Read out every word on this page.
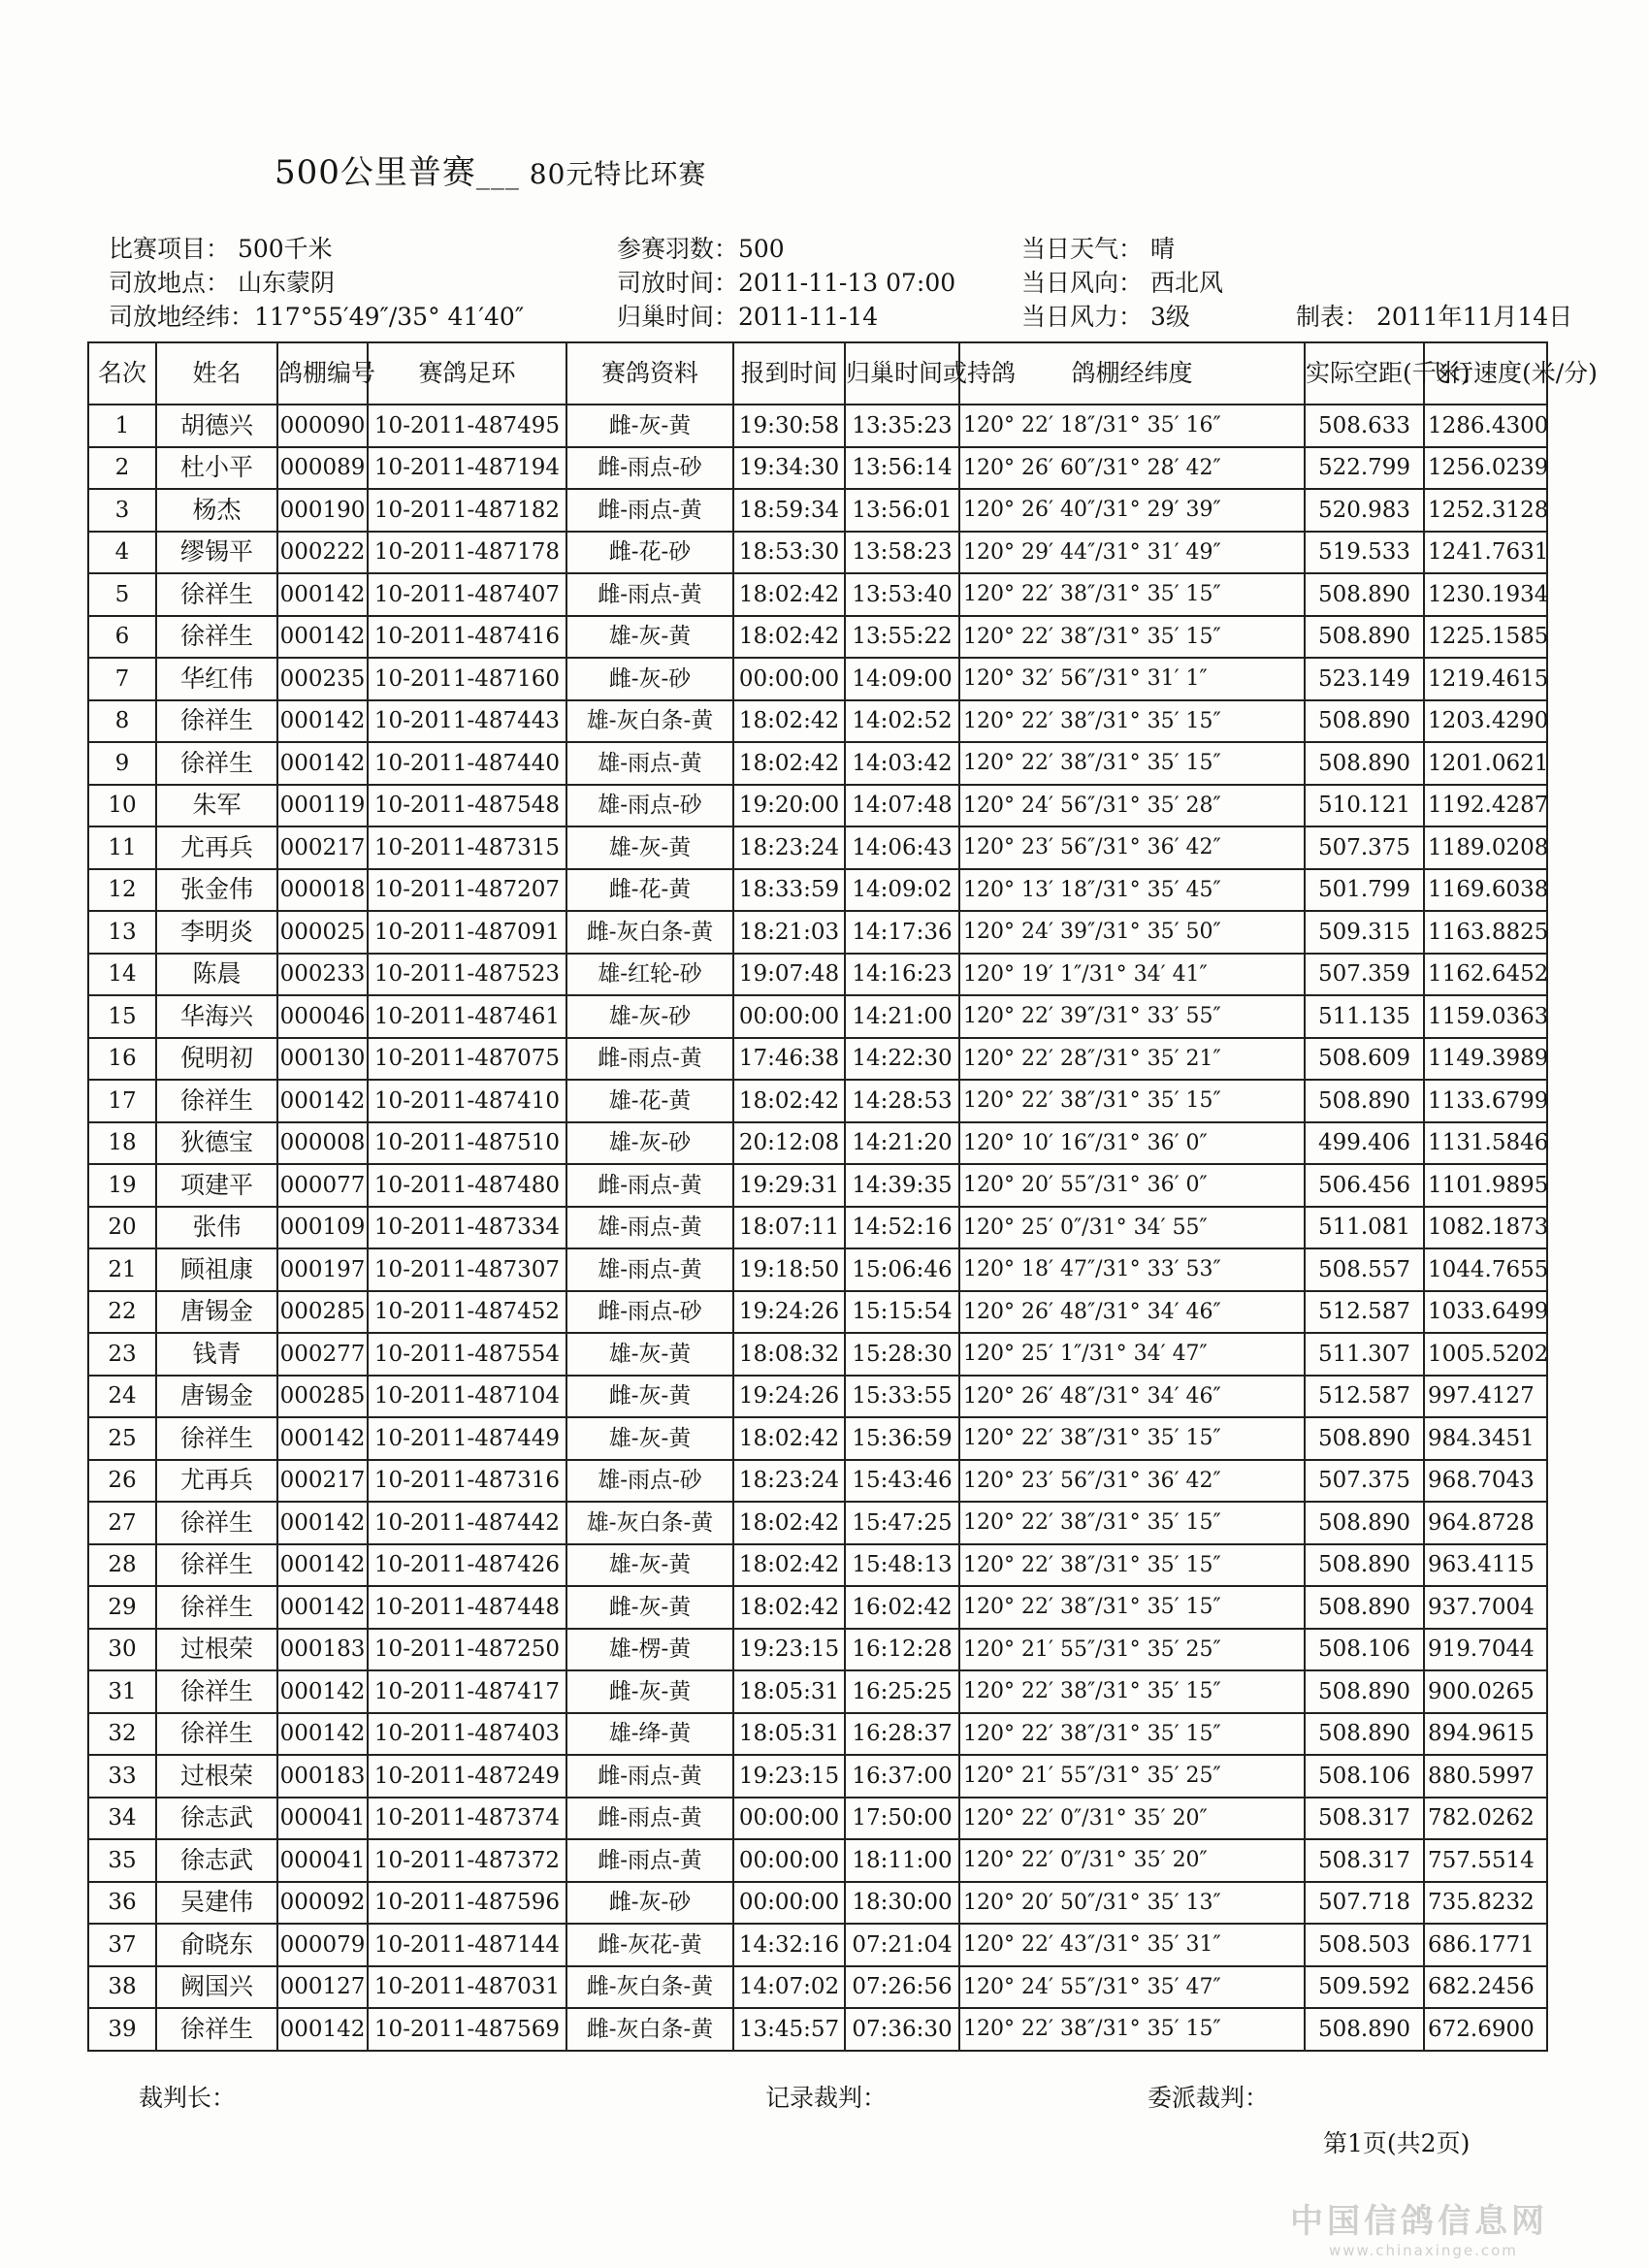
500公里普赛___ 80元特比环赛
比赛项目： 500千米
司放地点： 山东蒙阴
司放地经纬：117°55′49″/35° 41′40″
参赛羽数：500
司放时间：2011-11-13 07:00
归巢时间：2011-11-14
当日天气： 晴
当日风向： 西北风
当日风力： 3级	制表： 2011年11月14日
名次	姓名	鸽棚编号	赛鸽足环	赛鸽资料	报到时间	归巢时间或持鸽	鸽棚经纬度	实际空距(千米)	飞行速度(米/分)
1	胡德兴	000090	10-2011-487495	雌-灰-黄	19:30:58	13:35:23	120° 22′ 18″/31° 35′ 16″	508.633	1286.4300
2	杜小平	000089	10-2011-487194	雌-雨点-砂	19:34:30	13:56:14	120° 26′ 60″/31° 28′ 42″	522.799	1256.0239
3	杨杰	000190	10-2011-487182	雌-雨点-黄	18:59:34	13:56:01	120° 26′ 40″/31° 29′ 39″	520.983	1252.3128
4	缪锡平	000222	10-2011-487178	雌-花-砂	18:53:30	13:58:23	120° 29′ 44″/31° 31′ 49″	519.533	1241.7631
5	徐祥生	000142	10-2011-487407	雌-雨点-黄	18:02:42	13:53:40	120° 22′ 38″/31° 35′ 15″	508.890	1230.1934
6	徐祥生	000142	10-2011-487416	雄-灰-黄	18:02:42	13:55:22	120° 22′ 38″/31° 35′ 15″	508.890	1225.1585
7	华红伟	000235	10-2011-487160	雌-灰-砂	00:00:00	14:09:00	120° 32′ 56″/31° 31′ 1″	523.149	1219.4615
8	徐祥生	000142	10-2011-487443	雄-灰白条-黄	18:02:42	14:02:52	120° 22′ 38″/31° 35′ 15″	508.890	1203.4290
9	徐祥生	000142	10-2011-487440	雄-雨点-黄	18:02:42	14:03:42	120° 22′ 38″/31° 35′ 15″	508.890	1201.0621
10	朱军	000119	10-2011-487548	雄-雨点-砂	19:20:00	14:07:48	120° 24′ 56″/31° 35′ 28″	510.121	1192.4287
11	尤再兵	000217	10-2011-487315	雄-灰-黄	18:23:24	14:06:43	120° 23′ 56″/31° 36′ 42″	507.375	1189.0208
12	张金伟	000018	10-2011-487207	雌-花-黄	18:33:59	14:09:02	120° 13′ 18″/31° 35′ 45″	501.799	1169.6038
13	李明炎	000025	10-2011-487091	雌-灰白条-黄	18:21:03	14:17:36	120° 24′ 39″/31° 35′ 50″	509.315	1163.8825
14	陈晨	000233	10-2011-487523	雄-红轮-砂	19:07:48	14:16:23	120° 19′ 1″/31° 34′ 41″	507.359	1162.6452
15	华海兴	000046	10-2011-487461	雄-灰-砂	00:00:00	14:21:00	120° 22′ 39″/31° 33′ 55″	511.135	1159.0363
16	倪明初	000130	10-2011-487075	雌-雨点-黄	17:46:38	14:22:30	120° 22′ 28″/31° 35′ 21″	508.609	1149.3989
17	徐祥生	000142	10-2011-487410	雄-花-黄	18:02:42	14:28:53	120° 22′ 38″/31° 35′ 15″	508.890	1133.6799
18	狄德宝	000008	10-2011-487510	雄-灰-砂	20:12:08	14:21:20	120° 10′ 16″/31° 36′ 0″	499.406	1131.5846
19	项建平	000077	10-2011-487480	雌-雨点-黄	19:29:31	14:39:35	120° 20′ 55″/31° 36′ 0″	506.456	1101.9895
20	张伟	000109	10-2011-487334	雄-雨点-黄	18:07:11	14:52:16	120° 25′ 0″/31° 34′ 55″	511.081	1082.1873
21	顾祖康	000197	10-2011-487307	雄-雨点-黄	19:18:50	15:06:46	120° 18′ 47″/31° 33′ 53″	508.557	1044.7655
22	唐锡金	000285	10-2011-487452	雌-雨点-砂	19:24:26	15:15:54	120° 26′ 48″/31° 34′ 46″	512.587	1033.6499
23	钱青	000277	10-2011-487554	雄-灰-黄	18:08:32	15:28:30	120° 25′ 1″/31° 34′ 47″	511.307	1005.5202
24	唐锡金	000285	10-2011-487104	雌-灰-黄	19:24:26	15:33:55	120° 26′ 48″/31° 34′ 46″	512.587	997.4127
25	徐祥生	000142	10-2011-487449	雄-灰-黄	18:02:42	15:36:59	120° 22′ 38″/31° 35′ 15″	508.890	984.3451
26	尤再兵	000217	10-2011-487316	雄-雨点-砂	18:23:24	15:43:46	120° 23′ 56″/31° 36′ 42″	507.375	968.7043
27	徐祥生	000142	10-2011-487442	雄-灰白条-黄	18:02:42	15:47:25	120° 22′ 38″/31° 35′ 15″	508.890	964.8728
28	徐祥生	000142	10-2011-487426	雄-灰-黄	18:02:42	15:48:13	120° 22′ 38″/31° 35′ 15″	508.890	963.4115
29	徐祥生	000142	10-2011-487448	雌-灰-黄	18:02:42	16:02:42	120° 22′ 38″/31° 35′ 15″	508.890	937.7004
30	过根荣	000183	10-2011-487250	雄-楞-黄	19:23:15	16:12:28	120° 21′ 55″/31° 35′ 25″	508.106	919.7044
31	徐祥生	000142	10-2011-487417	雌-灰-黄	18:05:31	16:25:25	120° 22′ 38″/31° 35′ 15″	508.890	900.0265
32	徐祥生	000142	10-2011-487403	雄-绛-黄	18:05:31	16:28:37	120° 22′ 38″/31° 35′ 15″	508.890	894.9615
33	过根荣	000183	10-2011-487249	雌-雨点-黄	19:23:15	16:37:00	120° 21′ 55″/31° 35′ 25″	508.106	880.5997
34	徐志武	000041	10-2011-487374	雌-雨点-黄	00:00:00	17:50:00	120° 22′ 0″/31° 35′ 20″	508.317	782.0262
35	徐志武	000041	10-2011-487372	雌-雨点-黄	00:00:00	18:11:00	120° 22′ 0″/31° 35′ 20″	508.317	757.5514
36	吴建伟	000092	10-2011-487596	雌-灰-砂	00:00:00	18:30:00	120° 20′ 50″/31° 35′ 13″	507.718	735.8232
37	俞晓东	000079	10-2011-487144	雌-灰花-黄	14:32:16	07:21:04	120° 22′ 43″/31° 35′ 31″	508.503	686.1771
38	阙国兴	000127	10-2011-487031	雌-灰白条-黄	14:07:02	07:26:56	120° 24′ 55″/31° 35′ 47″	509.592	682.2456
39	徐祥生	000142	10-2011-487569	雌-灰白条-黄	13:45:57	07:36:30	120° 22′ 38″/31° 35′ 15″	508.890	672.6900
裁判长：	记录裁判：	委派裁判：
第1页(共2页)
中国信鸽信息网
www.chinaxinge.com
